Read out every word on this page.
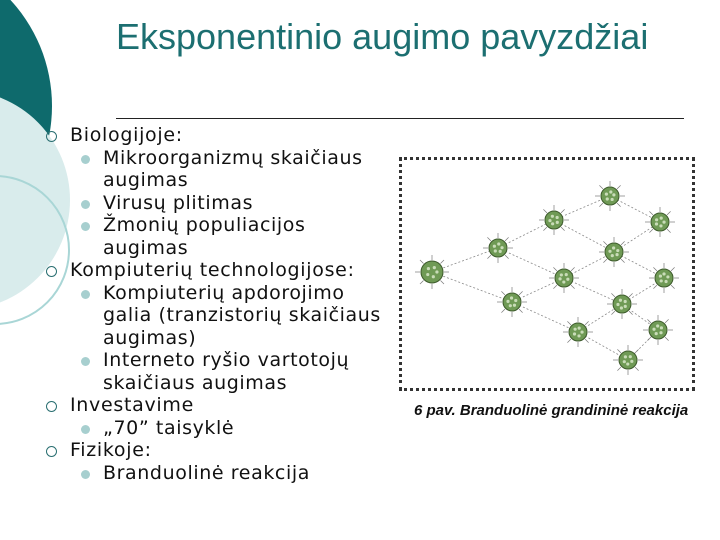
Eksponentinio augimo pavyzdžiai
Biologijoje:
Mikroorganizmų skaičiaus augimas
Virusų plitimas
Žmonių populiacijos augimas
Kompiuterių technologijose:
Kompiuterių apdorojimo galia (tranzistorių skaičiaus augimas)
Interneto ryšio vartotojų skaičiaus augimas
Investavime
„70” taisyklė
Fizikoje:
Branduolinė reakcija
6 pav. Branduolinė grandininė reakcija
